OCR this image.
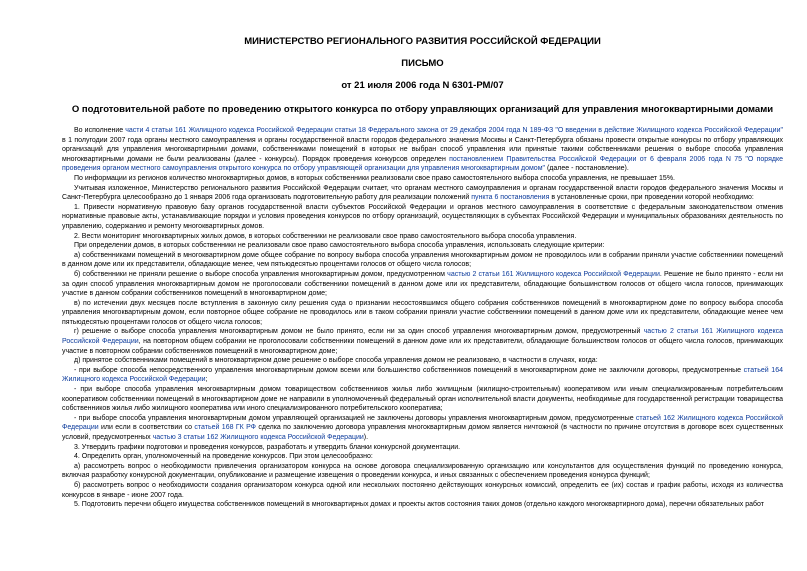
МИНИСТЕРСТВО РЕГИОНАЛЬНОГО РАЗВИТИЯ РОССИЙСКОЙ ФЕДЕРАЦИИ
ПИСЬМО
от 21 июля 2006 года N 6301-РМ/07
О подготовительной работе по проведению открытого конкурса по отбору управляющих организаций для управления многоквартирными домами

Во исполнение части 4 статьи 161 Жилищного кодекса Российской Федерации статьи 18 Федерального закона от 29 декабря 2004 года N 189-ФЗ "О введении в действие Жилищного кодекса Российской Федерации" в 1 полугодии 2007 года органы местного самоуправления и органы государственной власти городов федерального значения Москвы и Санкт-Петербурга обязаны провести открытые конкурсы по отбору управляющих организаций для управления многоквартирными домами, собственниками помещений в которых не выбран способ управления или принятые такими собственниками решения о выборе способа управления многоквартирными домами не были реализованы (далее - конкурсы). Порядок проведения конкурсов определен постановлением Правительства Российской Федерации от 6 февраля 2006 года N 75 "О порядке проведения органом местного самоуправления открытого конкурса по отбору управляющей организации для управления многоквартирным домом" (далее - постановление).

По информации из регионов количество многоквартирных домов, в которых собственники реализовали свое право самостоятельного выбора способа управления, не превышает 15%.

Учитывая изложенное, Министерство регионального развития Российской Федерации считает, что органам местного самоуправления и органам государственной власти городов федерального значения Москвы и Санкт-Петербурга целесообразно до 1 января 2006 года организовать подготовительную работу для реализации положений пункта 6 постановления в установленные сроки, при проведении которой необходимо:

1. Привести нормативную правовую базу органов государственной власти субъектов Российской Федерации и органов местного самоуправления в соответствие с федеральным законодательством отменив нормативные правовые акты, устанавливающие порядки и условия проведения конкурсов по отбору организаций, осуществляющих в субъектах Российской Федерации и муниципальных образованиях деятельность по управлению, содержанию и ремонту многоквартирных домов.

2. Вести мониторинг многоквартирных жилых домов, в которых собственники не реализовали свое право самостоятельного выбора способа управления.

При определении домов, в которых собственники не реализовали свое право самостоятельного выбора способа управления, использовать следующие критерии:

а) собственниками помещений в многоквартирном доме общее собрание по вопросу выбора способа управления многоквартирным домом не проводилось или в собрании приняли участие собственники помещений в данном доме или их представители, обладающие менее, чем пятьюдесятью процентами голосов от общего числа голосов;

б) собственники не приняли решение о выборе способа управления многоквартирным домом, предусмотренном частью 2 статьи 161 Жилищного кодекса Российской Федерации. Решение не было принято - если ни за один способ управления многоквартирным домом не проголосовали собственники помещений в данном доме или их представители, обладающие большинством голосов от общего числа голосов, принимающих участие в данном собрании собственников помещений в многоквартирном доме;

в) по истечении двух месяцев после вступления в законную силу решения суда о признании несостоявшимся общего собрания собственников помещений в многоквартирном доме по вопросу выбора способа управления многоквартирным домом, если повторное общее собрание не проводилось или в таком собрании приняли участие собственники помещений в данном доме или их представители, обладающие менее чем пятьюдесятью процентами голосов от общего числа голосов;

г) решение о выборе способа управления многоквартирным домом не было принято, если ни за один способ управления многоквартирным домом, предусмотренный частью 2 статьи 161 Жилищного кодекса Российской Федерации, на повторном общем собрании не проголосовали собственники помещений в данном доме или их представители, обладающие большинством голосов от общего числа голосов, принимающих участие в повторном собрании собственников помещений в многоквартирном доме;

д) принятое собственниками помещений в многоквартирном доме решение о выборе способа управления домом не реализовано, в частности в случаях, когда:

- при выборе способа непосредственного управления многоквартирным домом всеми или большинство собственников помещений в многоквартирном доме не заключили договоры, предусмотренные статьей 164 Жилищного кодекса Российской Федерации;

- при выборе способа управления многоквартирным домом товариществом собственников жилья либо жилищным (жилищно-строительным) кооперативом или иным специализированным потребительским кооперативом собственники помещений в многоквартирном доме не направили в уполномоченный федеральный орган исполнительной власти документы, необходимые для государственной регистрации товарищества собственников жилья либо жилищного кооператива или иного специализированного потребительского кооператива;

- при выборе способа управления многоквартирным домом управляющей организацией не заключены договоры управления многоквартирным домом, предусмотренные статьей 162 Жилищного кодекса Российской Федерации или если в соответствии со статьей 168 ГК РФ сделка по заключению договора управления многоквартирным домом является ничтожной (в частности по причине отсутствия в договоре всех существенных условий, предусмотренных частью 3 статьи 162 Жилищного кодекса Российской Федерации).

3. Утвердить графики подготовки и проведения конкурсов, разработать и утвердить бланки конкурсной документации.

4. Определить орган, уполномоченный на проведение конкурсов. При этом целесообразно:

а) рассмотреть вопрос о необходимости привлечения организатором конкурса на основе договора специализированную организацию или консультантов для осуществления функций по проведению конкурса, включая разработку конкурсной документации, опубликование и размещение извещения о проведении конкурса, и иных связанных с обеспечением проведения конкурса функций;

б) рассмотреть вопрос о необходимости создания организатором конкурса одной или нескольких постоянно действующих конкурсных комиссий, определить ее (их) состав и график работы, исходя из количества конкурсов в январе - июне 2007 года.

5. Подготовить перечни общего имущества собственников помещений в многоквартирных домах и проекты актов состояния таких домов (отдельно каждого многоквартирного дома), перечни обязательных работ
